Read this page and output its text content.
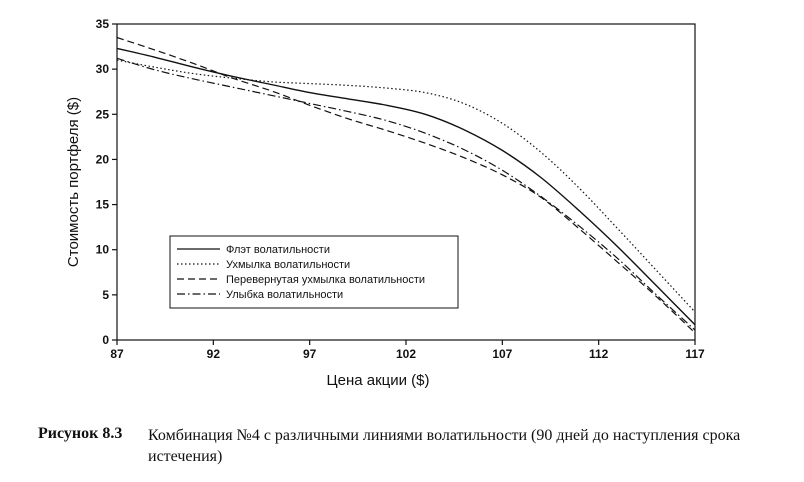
0
5
10
15
20
25
30
35
87	92	97	102	107	112	117
Флэт волатильности
Ухмылка волатильности
Перевернутая ухмылка волатильности
Улыбка волатильности
Цена акции ($)
Стоимость портфеля ($)
Рисунок 8.3 Комбинация №4 с различными линиями волатильности (90 дней до наступления срока истечения)
